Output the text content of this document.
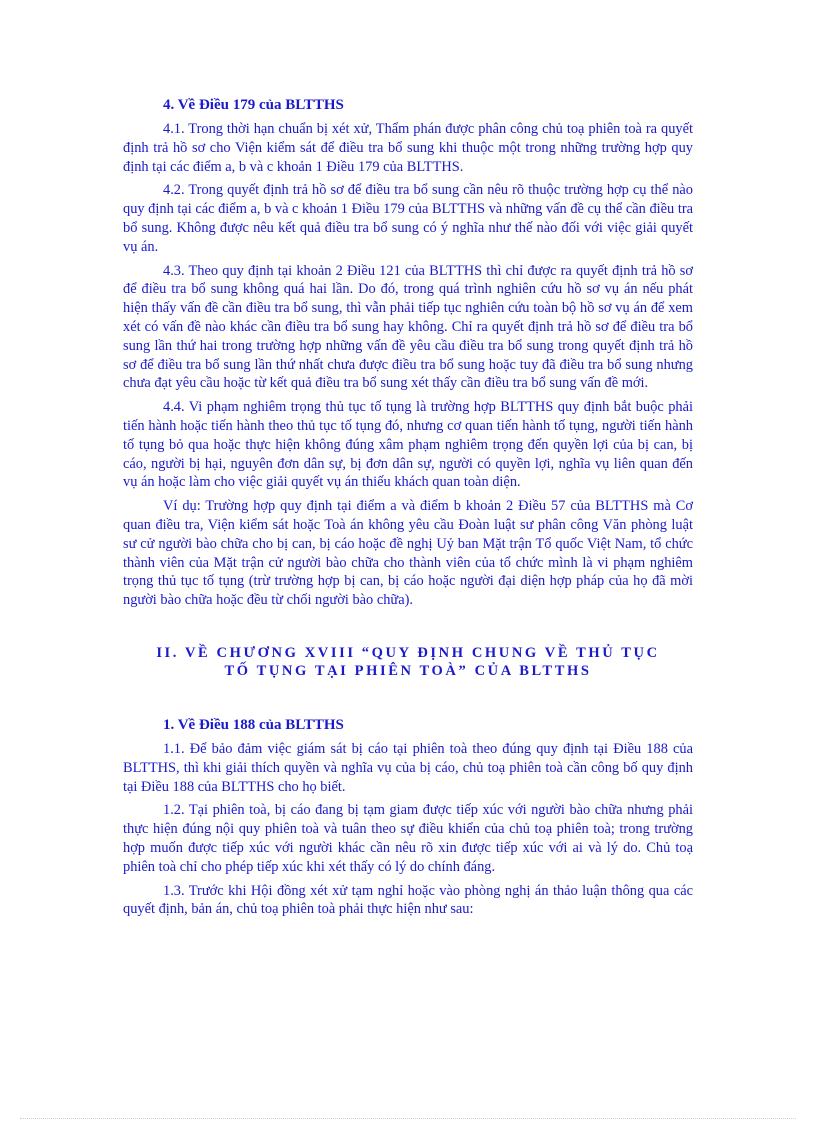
4. Về Điều 179 của BLTTHS

4.1. Trong thời hạn chuẩn bị xét xử, Thẩm phán được phân công chủ toạ phiên toà ra quyết định trả hồ sơ cho Viện kiểm sát để điều tra bổ sung khi thuộc một trong những trường hợp quy định tại các điểm a, b và c khoản 1 Điều 179 của BLTTHS.

4.2. Trong quyết định trả hồ sơ để điều tra bổ sung cần nêu rõ thuộc trường hợp cụ thể nào quy định tại các điểm a, b và c khoản 1 Điều 179 của BLTTHS và những vấn đề cụ thể cần điều tra bổ sung. Không được nêu kết quả điều tra bổ sung có ý nghĩa như thế nào đối với việc giải quyết vụ án.

4.3. Theo quy định tại khoản 2 Điều 121 của BLTTHS thì chỉ được ra quyết định trả hồ sơ để điều tra bổ sung không quá hai lần. Do đó, trong quá trình nghiên cứu hồ sơ vụ án nếu phát hiện thấy vấn đề cần điều tra bổ sung, thì vẫn phải tiếp tục nghiên cứu toàn bộ hồ sơ vụ án để xem xét có vấn đề nào khác cần điều tra bổ sung hay không. Chỉ ra quyết định trả hồ sơ để điều tra bổ sung lần thứ hai trong trường hợp những vấn đề yêu cầu điều tra bổ sung trong quyết định trả hồ sơ để điều tra bổ sung lần thứ nhất chưa được điều tra bổ sung hoặc tuy đã điều tra bổ sung nhưng chưa đạt yêu cầu hoặc từ kết quả điều tra bổ sung xét thấy cần điều tra bổ sung vấn đề mới.

4.4. Vi phạm nghiêm trọng thủ tục tố tụng là trường hợp BLTTHS quy định bắt buộc phải tiến hành hoặc tiến hành theo thủ tục tố tụng đó, nhưng cơ quan tiến hành tố tụng, người tiến hành tố tụng bỏ qua hoặc thực hiện không đúng xâm phạm nghiêm trọng đến quyền lợi của bị can, bị cáo, người bị hại, nguyên đơn dân sự, bị đơn dân sự, người có quyền lợi, nghĩa vụ liên quan đến vụ án hoặc làm cho việc giải quyết vụ án thiếu khách quan toàn diện.

Ví dụ: Trường hợp quy định tại điểm a và điểm b khoản 2 Điều 57 của BLTTHS mà Cơ quan điều tra, Viện kiểm sát hoặc Toà án không yêu cầu Đoàn luật sư phân công Văn phòng luật sư cử người bào chữa cho bị can, bị cáo hoặc đề nghị Uỷ ban Mặt trận Tổ quốc Việt Nam, tổ chức thành viên của Mặt trận cử người bào chữa cho thành viên của tổ chức mình là vi phạm nghiêm trọng thủ tục tố tụng (trừ trường hợp bị can, bị cáo hoặc người đại diện hợp pháp của họ đã mời người bào chữa hoặc đều từ chối người bào chữa).

II. VỀ CHƯƠNG XVIII “QUY ĐỊNH CHUNG VỀ THỦ TỤC
TỐ TỤNG TẠI PHIÊN TOÀ” CỦA BLTTHS
1. Về Điều 188 của BLTTHS

1.1. Để bảo đảm việc giám sát bị cáo tại phiên toà theo đúng quy định tại Điều 188 của BLTTHS, thì khi giải thích quyền và nghĩa vụ của bị cáo, chủ toạ phiên toà cần công bố quy định tại Điều 188 của BLTTHS cho họ biết.

1.2. Tại phiên toà, bị cáo đang bị tạm giam được tiếp xúc với người bào chữa nhưng phải thực hiện đúng nội quy phiên toà và tuân theo sự điều khiển của chủ toạ phiên toà; trong trường hợp muốn được tiếp xúc với người khác cần nêu rõ xin được tiếp xúc với ai và lý do. Chủ toạ phiên toà chỉ cho phép tiếp xúc khi xét thấy có lý do chính đáng.

1.3. Trước khi Hội đồng xét xử tạm nghỉ hoặc vào phòng nghị án thảo luận thông qua các quyết định, bản án, chủ toạ phiên toà phải thực hiện như sau:
